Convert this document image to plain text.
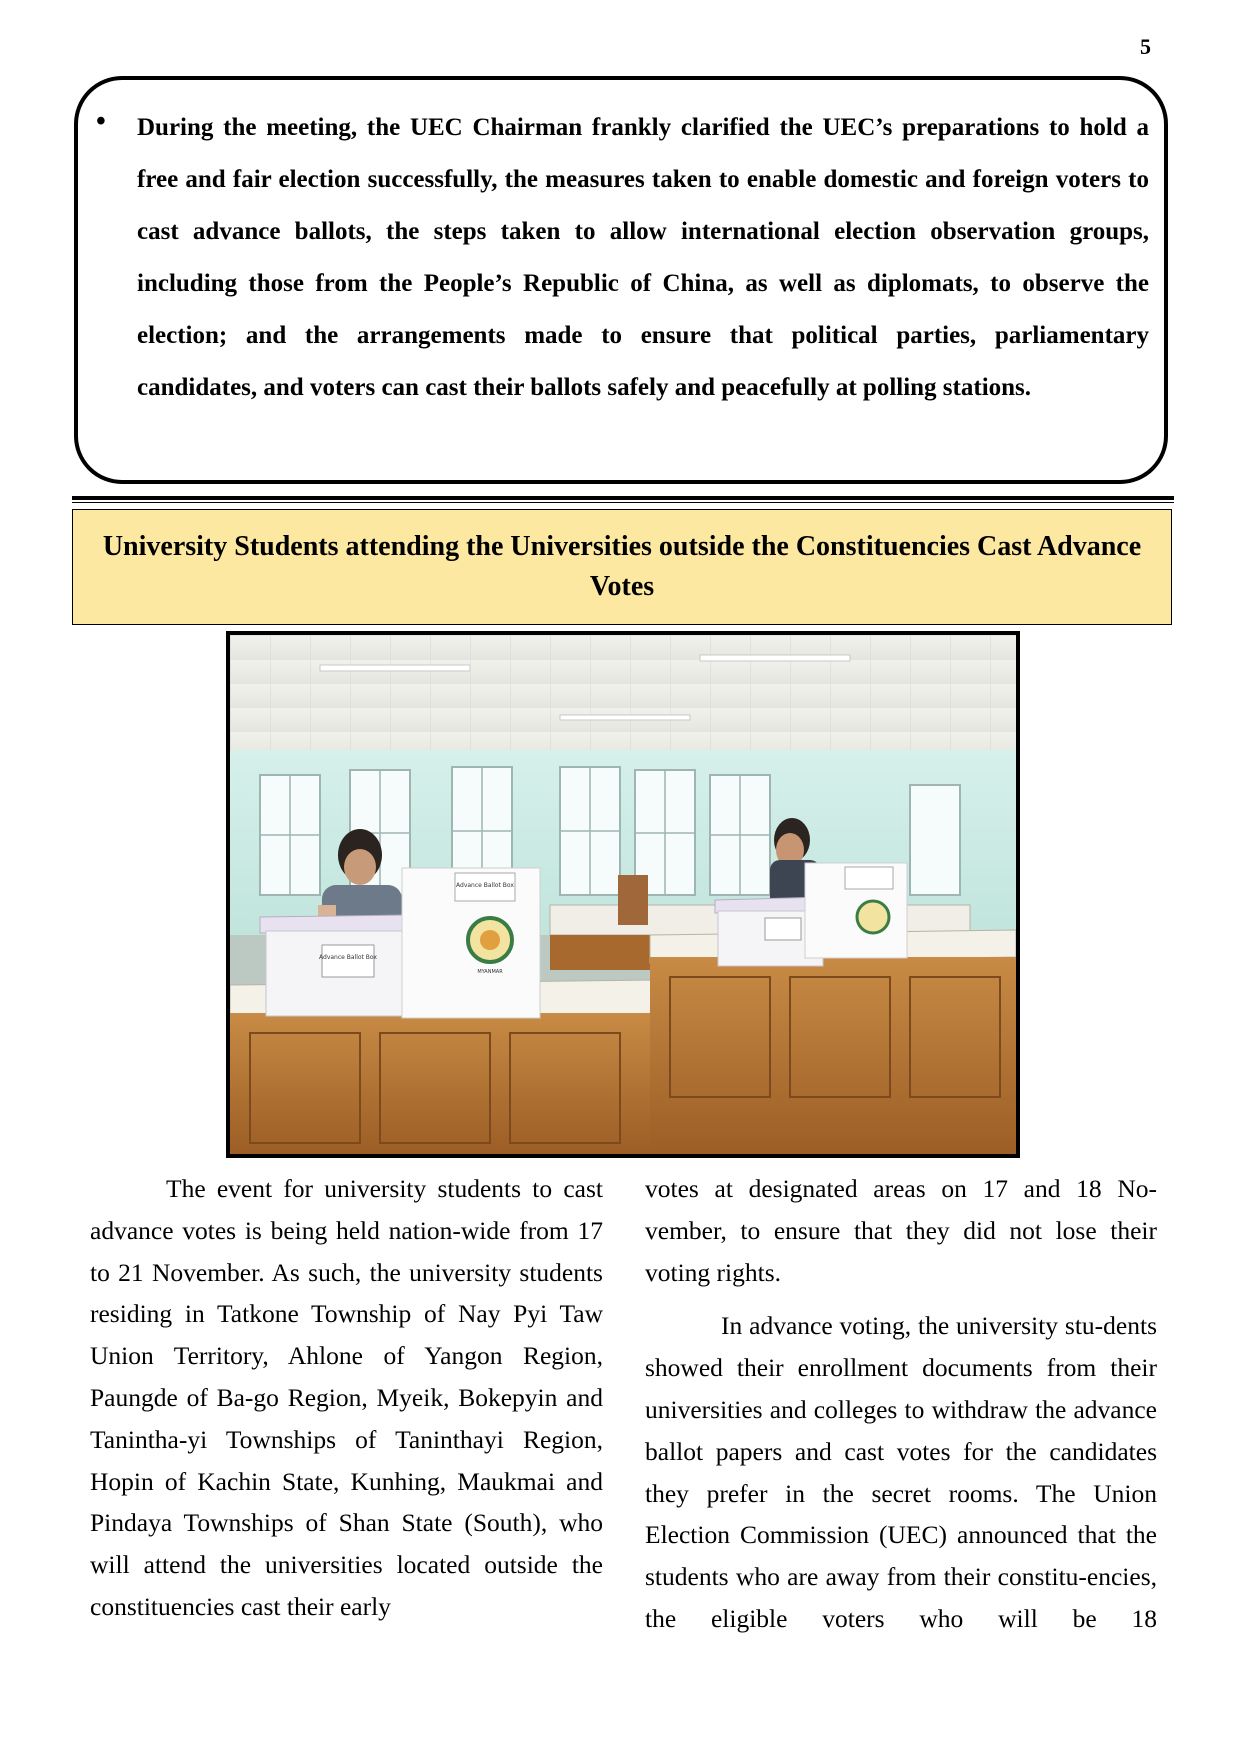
5
• During the meeting, the UEC Chairman frankly clarified the UEC’s preparations to hold a free and fair election successfully, the measures taken to enable domestic and foreign voters to cast advance ballots, the steps taken to allow international election observation groups, including those from the People’s Republic of China, as well as diplomats, to observe the election; and the arrangements made to ensure that political parties, parliamentary candidates, and voters can cast their ballots safely and peacefully at polling stations.
University Students attending the Universities outside the Constituencies Cast Advance Votes
Advance Ballot Box
Advance Ballot Box
MYANMAR

The event for university students to cast advance votes is being held nation-wide from 17 to 21 November. As such, the university students residing in Tatkone Township of Nay Pyi Taw Union Territory, Ahlone of Yangon Region, Paungde of Ba-go Region, Myeik, Bokepyin and Tanintha-yi Townships of Taninthayi Region, Hopin of Kachin State, Kunhing, Maukmai and Pindaya Townships of Shan State (South), who will attend the universities located outside the constituencies cast their early

votes at designated areas on 17 and 18 No-vember, to ensure that they did not lose their voting rights.

In advance voting, the university stu-dents showed their enrollment documents from their universities and colleges to withdraw the advance ballot papers and cast votes for the candidates they prefer in the secret rooms. The Union Election Commission (UEC) announced that the students who are away from their constitu-encies, the eligible voters who will be 18
